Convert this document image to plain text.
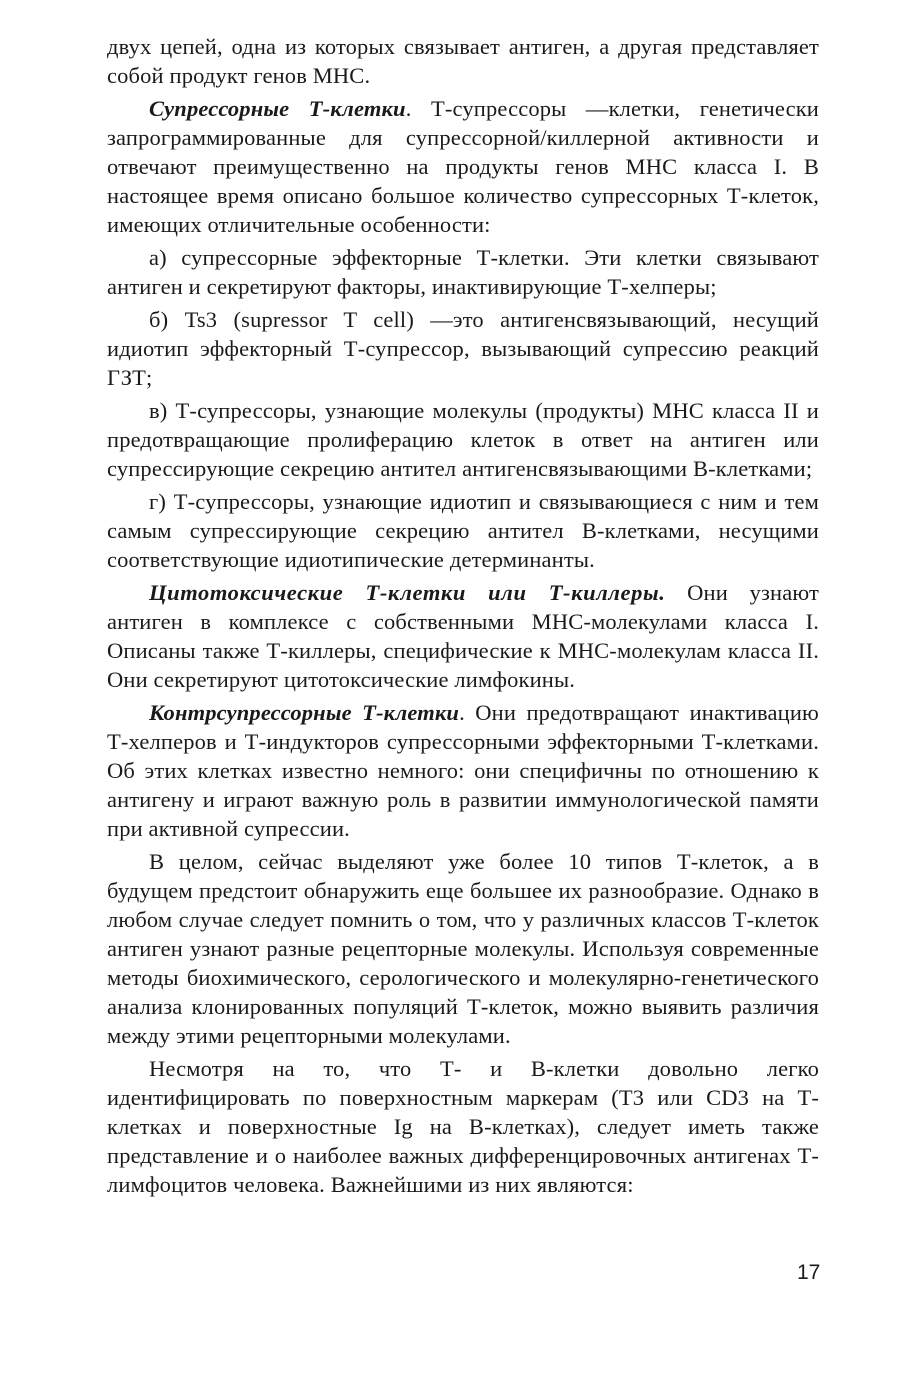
двух цепей, одна из которых связывает антиген, а другая представляет собой продукт генов MHC.

Супрессорные Т-клетки. Т-супрессоры —клетки, генетически запрограммированные для супрессорной/киллерной активности и отвечают преимущественно на продукты генов MHC класса I. В настоящее время описано большое количество супрессорных Т-клеток, имеющих отличительные особенности:

а) супрессорные эффекторные Т-клетки. Эти клетки связывают антиген и секретируют факторы, инактивирующие Т-хелперы;

б) Ts3 (supressor T cell) —это антигенсвязывающий, несущий идиотип эффекторный Т-супрессор, вызывающий супрессию реакций ГЗТ;

в) Т-супрессоры, узнающие молекулы (продукты) MHC класса II и предотвращающие пролиферацию клеток в ответ на антиген или супрессирующие секрецию антител антигенсвязывающими В-клетками;

г) Т-супрессоры, узнающие идиотип и связывающиеся с ним и тем самым супрессирующие секрецию антител В-клетками, несущими соответствующие идиотипические детерминанты.

Цитотоксические Т-клетки или Т-киллеры. Они узнают антиген в комплексе с собственными MHC-молекулами класса I. Описаны также Т-киллеры, специфические к MHC-молекулам класса II. Они секретируют цитотоксические лимфокины.

Контрсупрессорные Т-клетки. Они предотвращают инактивацию Т-хелперов и Т-индукторов супрессорными эффекторными Т-клетками. Об этих клетках известно немного: они специфичны по отношению к антигену и играют важную роль в развитии иммунологической памяти при активной супрессии.

В целом, сейчас выделяют уже более 10 типов Т-клеток, а в будущем предстоит обнаружить еще большее их разнообразие. Однако в любом случае следует помнить о том, что у различных классов Т-клеток антиген узнают разные рецепторные молекулы. Используя современные методы биохимического, серологического и молекулярно-генетического анализа клонированных популяций Т-клеток, можно выявить различия между этими рецепторными молекулами.

Несмотря на то, что Т- и В-клетки довольно легко идентифицировать по поверхностным маркерам (Т3 или CD3 на Т-клетках и поверхностные Ig на В-клетках), следует иметь также представление и о наиболее важных дифференцировочных антигенах Т-лимфоцитов человека. Важнейшими из них являются:

17
